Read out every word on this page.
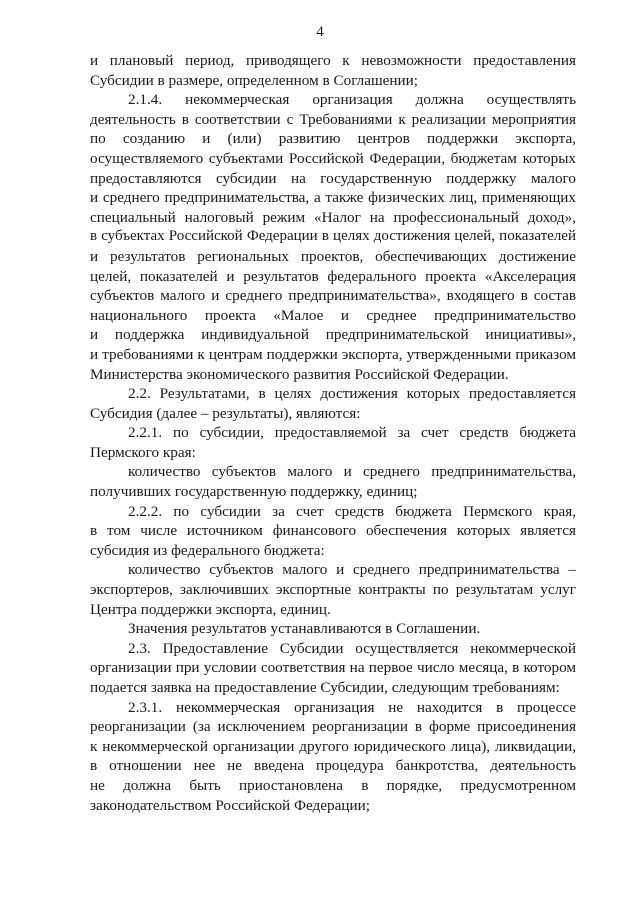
4
и плановый период, приводящего к невозможности предоставления
Субсидии в размере, определенном в Соглашении;
2.1.4. некоммерческая организация должна осуществлять
деятельность в соответствии с Требованиями к реализации мероприятия
по созданию и (или) развитию центров поддержки экспорта,
осуществляемого субъектами Российской Федерации, бюджетам которых
предоставляются субсидии на государственную поддержку малого
и среднего предпринимательства, а также физических лиц, применяющих
специальный налоговый режим «Налог на профессиональный доход»,
в субъектах Российской Федерации в целях достижения целей, показателей
и результатов региональных проектов, обеспечивающих достижение
целей, показателей и результатов федерального проекта «Акселерация
субъектов малого и среднего предпринимательства», входящего в состав
национального проекта «Малое и среднее предпринимательство
и поддержка индивидуальной предпринимательской инициативы»,
и требованиями к центрам поддержки экспорта, утвержденными приказом
Министерства экономического развития Российской Федерации.
2.2. Результатами, в целях достижения которых предоставляется
Субсидия (далее – результаты), являются:
2.2.1. по субсидии, предоставляемой за счет средств бюджета
Пермского края:
количество субъектов малого и среднего предпринимательства,
получивших государственную поддержку, единиц;
2.2.2. по субсидии за счет средств бюджета Пермского края,
в том числе источником финансового обеспечения которых является
субсидия из федерального бюджета:
количество субъектов малого и среднего предпринимательства –
экспортеров, заключивших экспортные контракты по результатам услуг
Центра поддержки экспорта, единиц.
Значения результатов устанавливаются в Соглашении.
2.3. Предоставление Субсидии осуществляется некоммерческой
организации при условии соответствия на первое число месяца, в котором
подается заявка на предоставление Субсидии, следующим требованиям:
2.3.1. некоммерческая организация не находится в процессе
реорганизации (за исключением реорганизации в форме присоединения
к некоммерческой организации другого юридического лица), ликвидации,
в отношении нее не введена процедура банкротства, деятельность
не должна быть приостановлена в порядке, предусмотренном
законодательством Российской Федерации;
